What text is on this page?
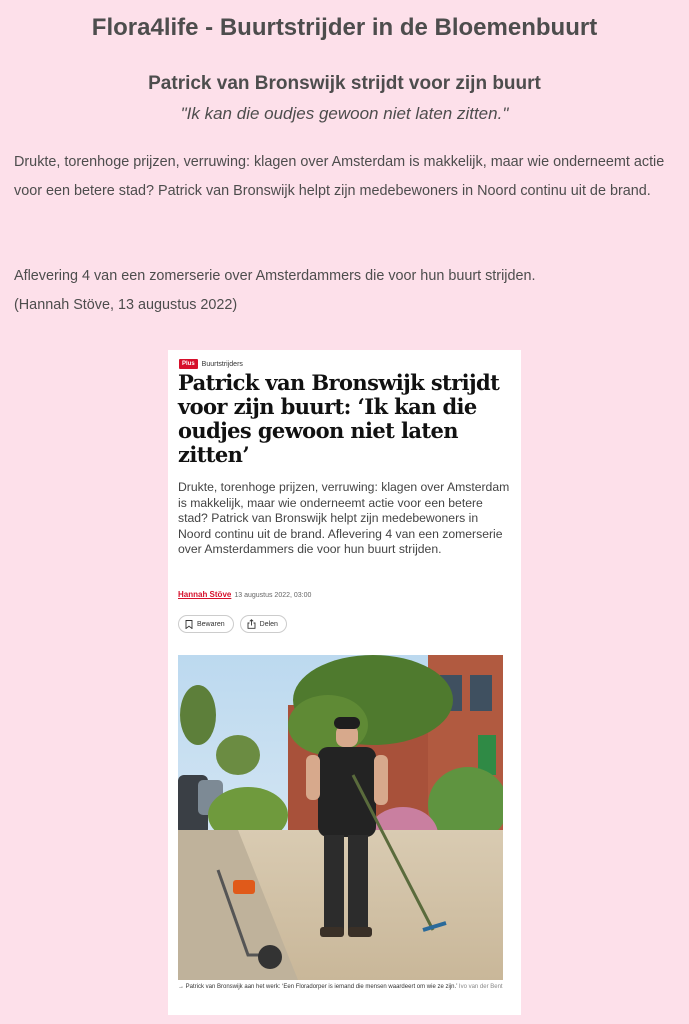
Flora4life - Buurtstrijder in de Bloemenbuurt
Patrick van Bronswijk strijdt voor zijn buurt
"Ik kan die oudjes gewoon niet laten zitten."

Drukte, torenhoge prijzen, verruwing: klagen over Amsterdam is makkelijk, maar wie onderneemt actie voor een betere stad? Patrick van Bronswijk helpt zijn medebewoners in Noord continu uit de brand.

Aflevering 4 van een zomerserie over Amsterdammers die voor hun buurt strijden.
(Hannah Stöve, 13 augustus 2022)

Plus	Buurtstrijders
Patrick van Bronswijk strijdt voor zijn buurt: ‘Ik kan die oudjes gewoon niet laten zitten’

Drukte, torenhoge prijzen, verruwing: klagen over Amsterdam is makkelijk, maar wie onderneemt actie voor een betere stad? Patrick van Bronswijk helpt zijn medebewoners in Noord continu uit de brand. Aflevering 4 van een zomerserie over Amsterdammers die voor hun buurt strijden.

Hannah Stöve 13 augustus 2022, 03:00
Bewaren	Delen

→ Patrick van Bronswijk aan het werk: ‘Een Floradorper is iemand die mensen waardeert om wie ze zijn.’ Ivo van der Bent
